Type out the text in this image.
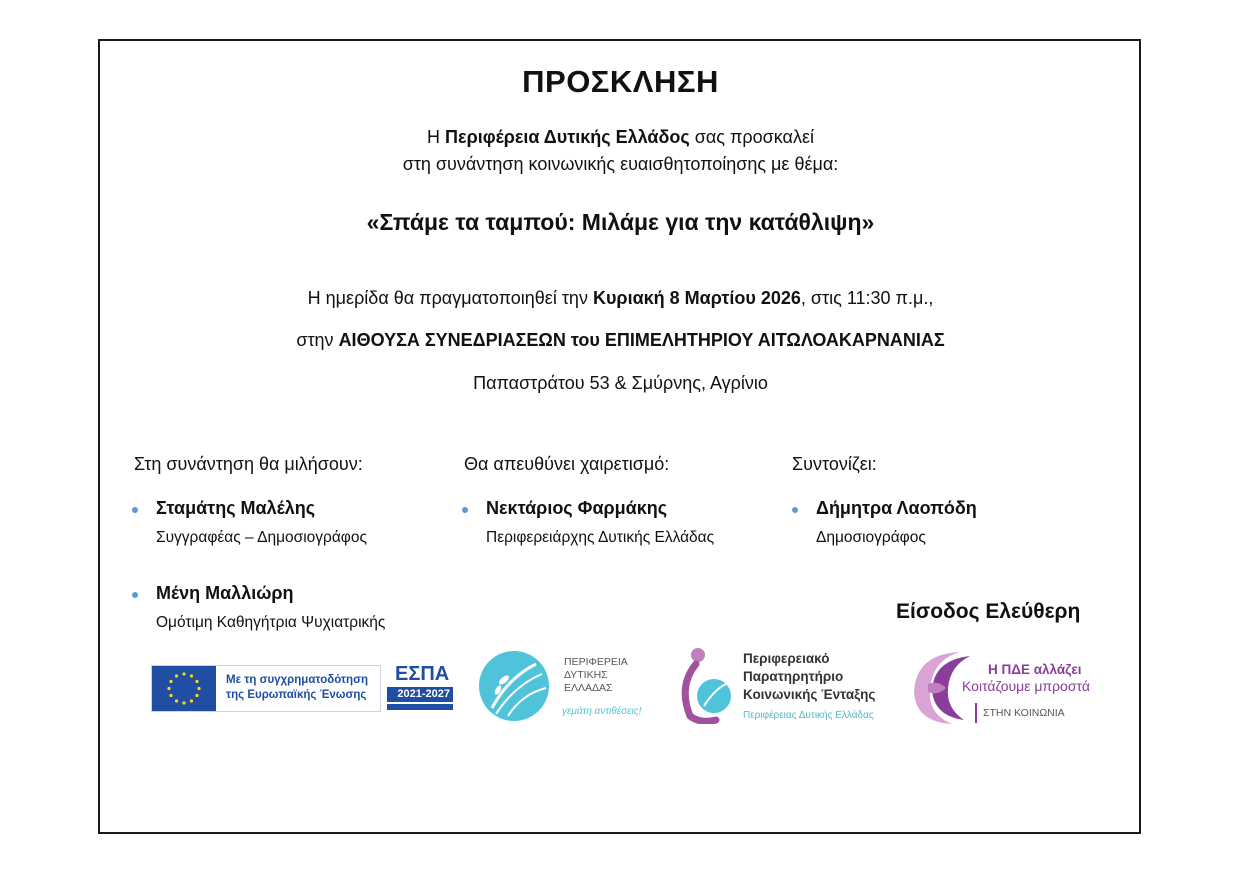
ΠΡΟΣΚΛΗΣΗ
Η Περιφέρεια Δυτικής Ελλάδος σας προσκαλεί
στη συνάντηση κοινωνικής ευαισθητοποίησης με θέμα:
«Σπάμε τα ταμπού: Μιλάμε για την κατάθλιψη»
Η ημερίδα θα πραγματοποιηθεί την Κυριακή 8 Μαρτίου 2026, στις 11:30 π.μ.,
στην ΑΙΘΟΥΣΑ ΣΥΝΕΔΡΙΑΣΕΩΝ του ΕΠΙΜΕΛΗΤΗΡΙΟΥ ΑΙΤΩΛΟΑΚΑΡΝΑΝΙΑΣ
Παπαστράτου 53 & Σμύρνης, Αγρίνιο
Στη συνάντηση θα μιλήσουν:
Σταμάτης Μαλέλης
Συγγραφέας – Δημοσιογράφος
Μένη Μαλλιώρη
Ομότιμη Καθηγήτρια Ψυχιατρικής
Θα απευθύνει χαιρετισμό:
Νεκτάριος Φαρμάκης
Περιφερειάρχης Δυτικής Ελλάδας
Συντονίζει:
Δήμητρα Λαοπόδη
Δημοσιογράφος
Είσοδος Ελεύθερη
Με τη συγχρηματοδότηση
της Ευρωπαϊκής Ένωσης
ΕΣΠΑ
2021-2027
ΠΕΡΙΦΕΡΕΙΑ
ΔΥΤΙΚΗΣ
ΕΛΛΑΔΑΣ
γεμάτη αντιθέσεις!
Περιφερειακό
Παρατηρητήριο
Κοινωνικής Ένταξης
Περιφέρειας Δυτικής Ελλάδας
Η ΠΔΕ αλλάζει
Κοιτάζουμε μπροστά
ΣΤΗΝ ΚΟΙΝΩΝΙΑ
